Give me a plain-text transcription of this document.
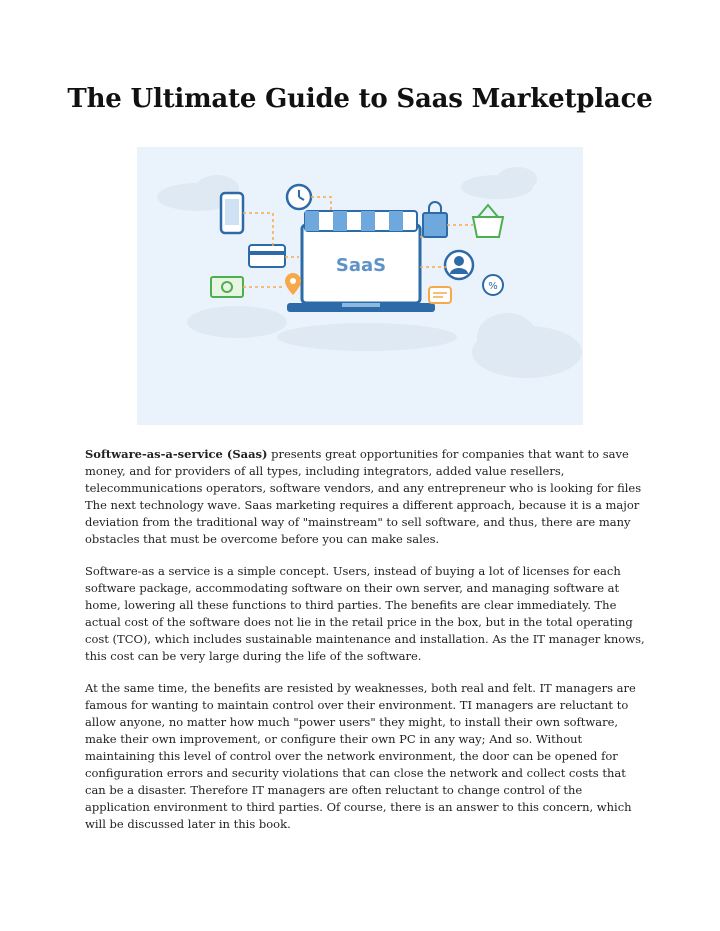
The Ultimate Guide to Saas Marketplace
SaaS
%

Software-as-a-service (Saas) presents great opportunities for companies that want to save money, and for providers of all types, including integrators, added value resellers, telecommunications operators, software vendors, and any entrepreneur who is looking for files The next technology wave. Saas marketing requires a different approach, because it is a major deviation from the traditional way of "mainstream" to sell software, and thus, there are many obstacles that must be overcome before you can make sales.

Software-as a service is a simple concept. Users, instead of buying a lot of licenses for each software package, accommodating software on their own server, and managing software at home, lowering all these functions to third parties. The benefits are clear immediately. The actual cost of the software does not lie in the retail price in the box, but in the total operating cost (TCO), which includes sustainable maintenance and installation. As the IT manager knows, this cost can be very large during the life of the software.

At the same time, the benefits are resisted by weaknesses, both real and felt. IT managers are famous for wanting to maintain control over their environment. TI managers are reluctant to allow anyone, no matter how much "power users" they might, to install their own software, make their own improvement, or configure their own PC in any way; And so. Without maintaining this level of control over the network environment, the door can be opened for configuration errors and security violations that can close the network and collect costs that can be a disaster. Therefore IT managers are often reluctant to change control of the application environment to third parties. Of course, there is an answer to this concern, which will be discussed later in this book.
